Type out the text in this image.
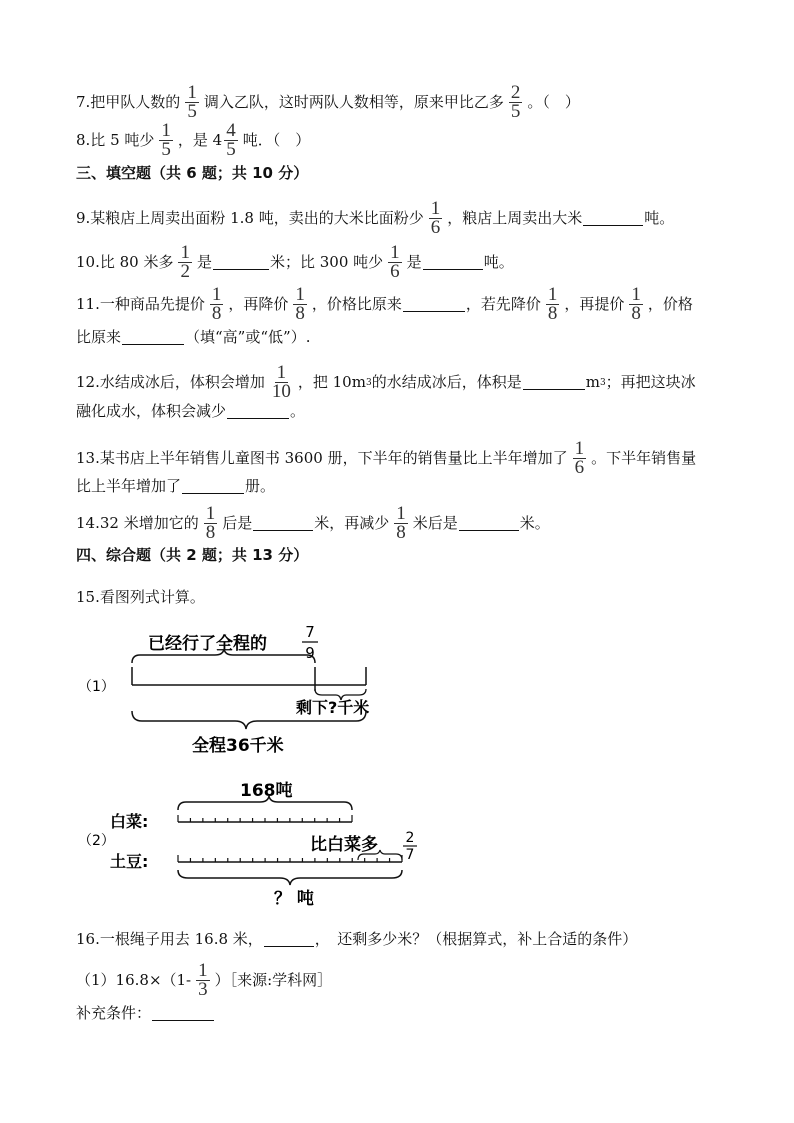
7.把甲队人数的 $\frac{1}{5}$ 调入乙队，这时两队人数相等，原来甲比乙多 $\frac{2}{5}$ 。（　）
8.比 5 吨少 $\frac{1}{5}$ ，是 $4 \frac{4}{5}$ 吨．（　）
三、填空题（共 6 题；共 10 分）
9.某粮店上周卖出面粉 1.8 吨，卖出的大米比面粉少 $\frac{1}{6}$ ，粮店上周卖出大米	吨。
10.比 80 米多 $\frac{1}{2}$ 是	米；比 300 吨少 $\frac{1}{6}$ 是	吨。
11.一种商品先提价 $\frac{1}{8}$ ，再降价 $\frac{1}{8}$ ，价格比原来	，若先降价 $\frac{1}{8}$ ，再提价 $\frac{1}{8}$ ，价格
比原来	（填“高”或“低”）.
12.水结成冰后，体积会增加 $\frac{1}{10}$ ，把 10m 3 的水结成冰后，体积是	m 3 ；再把这块冰
融化成水，体积会减少	。
13.某书店上半年销售儿童图书 3600 册，下半年的销售量比上半年增加了 $\frac{1}{6}$ 。下半年销售量
比上半年增加了	册。
14.32 米增加它的 $\frac{1}{8}$ 后是	米，再减少 $\frac{1}{8}$ 米后是	米。
四、综合题（共 2 题；共 13 分）
15.看图列式计算。
（1）
已经行了全程的
7
9
剩下?千米
全程36千米
（2）
168吨
白菜:
比白菜多 2
7
土豆:
？ 吨
16.一根绳子用去 16.8 米，	，　还剩多少米？（根据算式，补上合适的条件）
$(1)16.8\times(1- \frac{1}{3}$ ）［来源:学科网］
补充条件：
